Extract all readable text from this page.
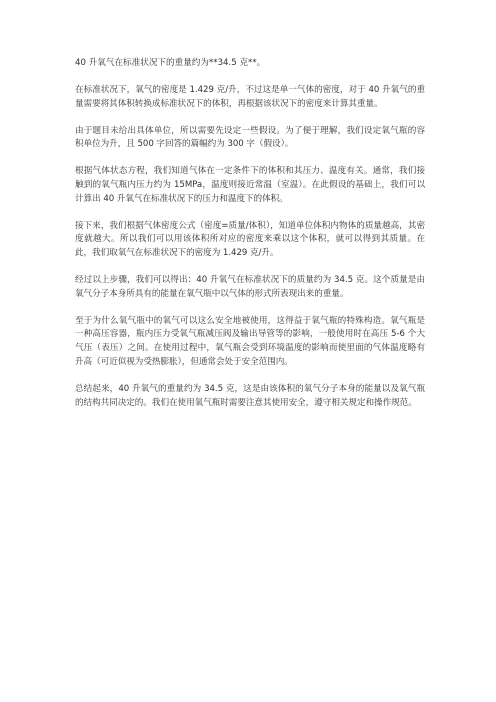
40 升氧气在标准状况下的重量约为**34.5 克**。

在标准状况下，氧气的密度是 1.429 克/升，不过这是单一气体的密度，对于 40 升氧气的重量需要将其体积转换成标准状况下的体积，再根据该状况下的密度来计算其重量。

由于题目未给出具体单位，所以需要先设定一些假设。为了便于理解，我们设定氧气瓶的容积单位为升，且 500 字回答的篇幅约为 300 字（假设）。

根据气体状态方程，我们知道气体在一定条件下的体积和其压力、温度有关。通常，我们接触到的氧气瓶内压力约为 15MPa，温度则接近常温（室温）。在此假设的基础上，我们可以计算出 40 升氧气在标准状况下的压力和温度下的体积。

接下来，我们根据气体密度公式（密度=质量/体积），知道单位体积内物体的质量越高，其密度就越大。所以我们可以用该体积所对应的密度来乘以这个体积，就可以得到其质量。在此，我们取氧气在标准状况下的密度为 1.429 克/升。

经过以上步骤，我们可以得出：40 升氧气在标准状况下的质量约为 34.5 克。这个质量是由氧气分子本身所具有的能量在氧气瓶中以气体的形式所表现出来的重量。

至于为什么氧气瓶中的氧气可以这么安全地被使用，这得益于氧气瓶的特殊构造。氧气瓶是一种高压容器，瓶内压力受氧气瓶减压阀及输出导管等的影响，一般使用时在高压 5-6 个大气压（表压）之间。在使用过程中，氧气瓶会受到环境温度的影响而使里面的气体温度略有升高（可近似视为受热膨胀），但通常会处于安全范围内。

总结起来，40 升氧气的重量约为 34.5 克，这是由该体积的氧气分子本身的能量以及氧气瓶的结构共同决定的。我们在使用氧气瓶时需要注意其使用安全，遵守相关规定和操作规范。
